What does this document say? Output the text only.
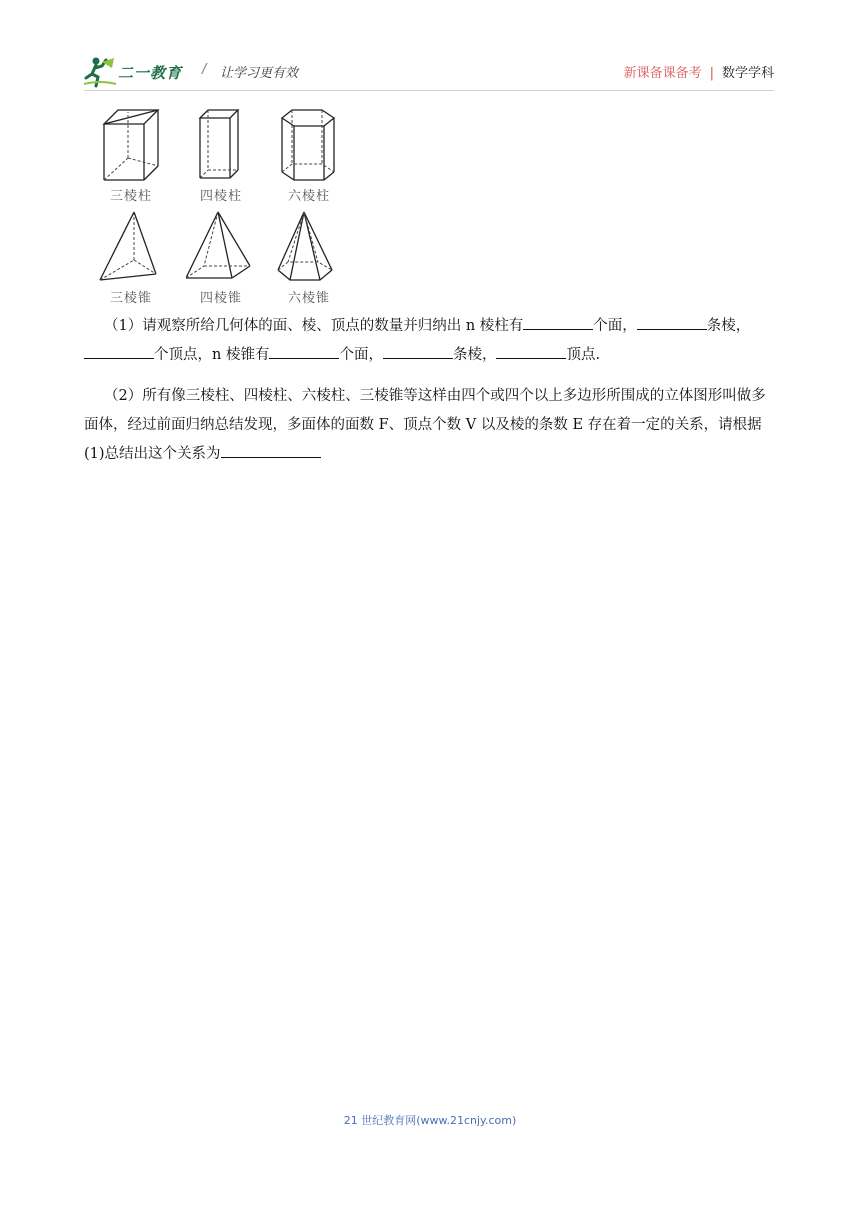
二一教育 / 让学习更有效	新课备课备考 | 数学学科
三棱柱	四棱柱	六棱柱
三棱锥	四棱锥	六棱锥
（1）请观察所给几何体的面、棱、顶点的数量并归纳出 n 棱柱有	个面，	条棱，个顶点，n 棱锥有	个面，	条棱，	顶点.
（2）所有像三棱柱、四棱柱、六棱柱、三棱锥等这样由四个或四个以上多边形所围成的立体图形叫做多面体，经过前面归纳总结发现，多面体的面数 F、顶点个数 V 以及棱的条数 E 存在着一定的关系，请根据(1)总结出这个关系为
21 世纪教育网(www.21cnjy.com)
